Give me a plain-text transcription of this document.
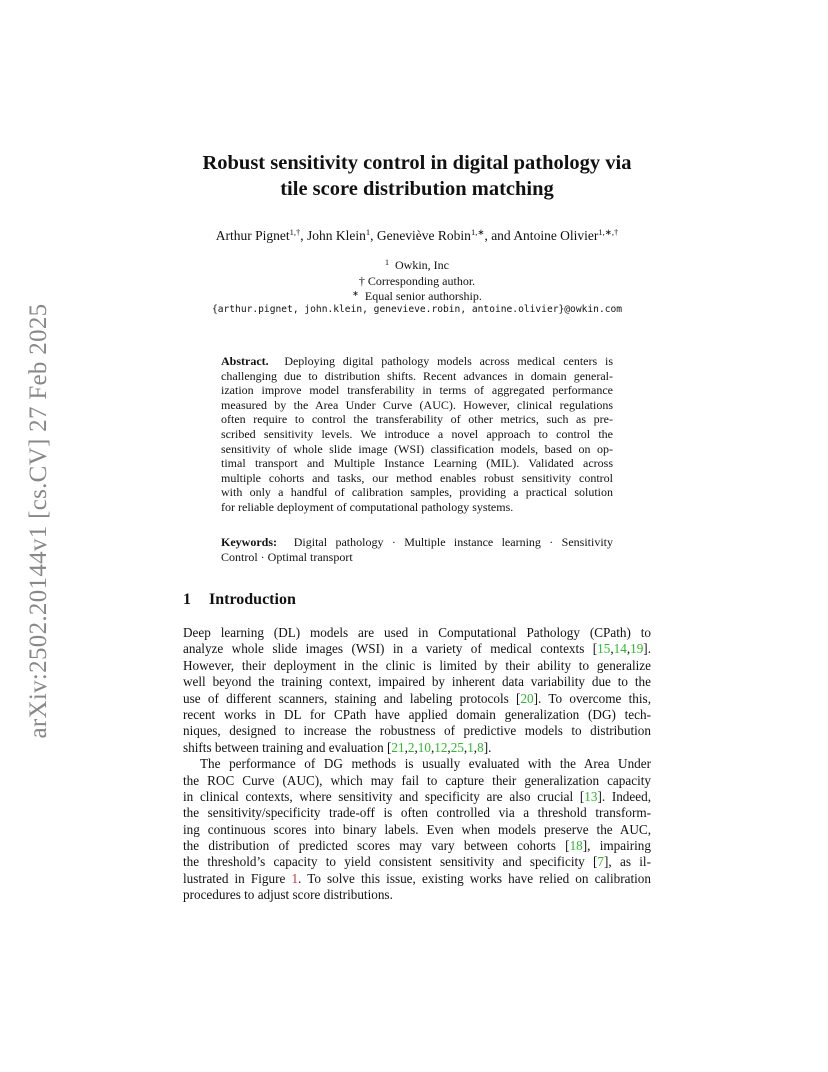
arXiv:2502.20144v1 [cs.CV] 27 Feb 2025
Robust sensitivity control in digital pathology via
tile score distribution matching
Arthur Pignet$^{1,\dagger}$, John Klein$^1$, Geneviève Robin$^{1,∗}$, and Antoine Olivier$^{1,∗,\dagger}$
$^1$ Owkin, Inc
† Corresponding author.
∗ Equal senior authorship.
{arthur.pignet, john.klein, genevieve.robin, antoine.olivier}@owkin.com
Abstract. Deploying digital pathology models across medical centers is
challenging due to distribution shifts. Recent advances in domain general-
ization improve model transferability in terms of aggregated performance
measured by the Area Under Curve (AUC). However, clinical regulations
often require to control the transferability of other metrics, such as pre-
scribed sensitivity levels. We introduce a novel approach to control the
sensitivity of whole slide image (WSI) classification models, based on op-
timal transport and Multiple Instance Learning (MIL). Validated across
multiple cohorts and tasks, our method enables robust sensitivity control
with only a handful of calibration samples, providing a practical solution
for reliable deployment of computational pathology systems.
Keywords: Digital pathology · Multiple instance learning · Sensitivity
Control · Optimal transport
1 Introduction
Deep learning (DL) models are used in Computational Pathology (CPath) to
analyze whole slide images (WSI) in a variety of medical contexts [15,14,19].
However, their deployment in the clinic is limited by their ability to generalize
well beyond the training context, impaired by inherent data variability due to the
use of different scanners, staining and labeling protocols [20]. To overcome this,
recent works in DL for CPath have applied domain generalization (DG) tech-
niques, designed to increase the robustness of predictive models to distribution
shifts between training and evaluation [21,2,10,12,25,1,8].
The performance of DG methods is usually evaluated with the Area Under
the ROC Curve (AUC), which may fail to capture their generalization capacity
in clinical contexts, where sensitivity and specificity are also crucial [13]. Indeed,
the sensitivity/specificity trade-off is often controlled via a threshold transform-
ing continuous scores into binary labels. Even when models preserve the AUC,
the distribution of predicted scores may vary between cohorts [18], impairing
the threshold’s capacity to yield consistent sensitivity and specificity [7], as il-
lustrated in Figure 1. To solve this issue, existing works have relied on calibration
procedures to adjust score distributions.
